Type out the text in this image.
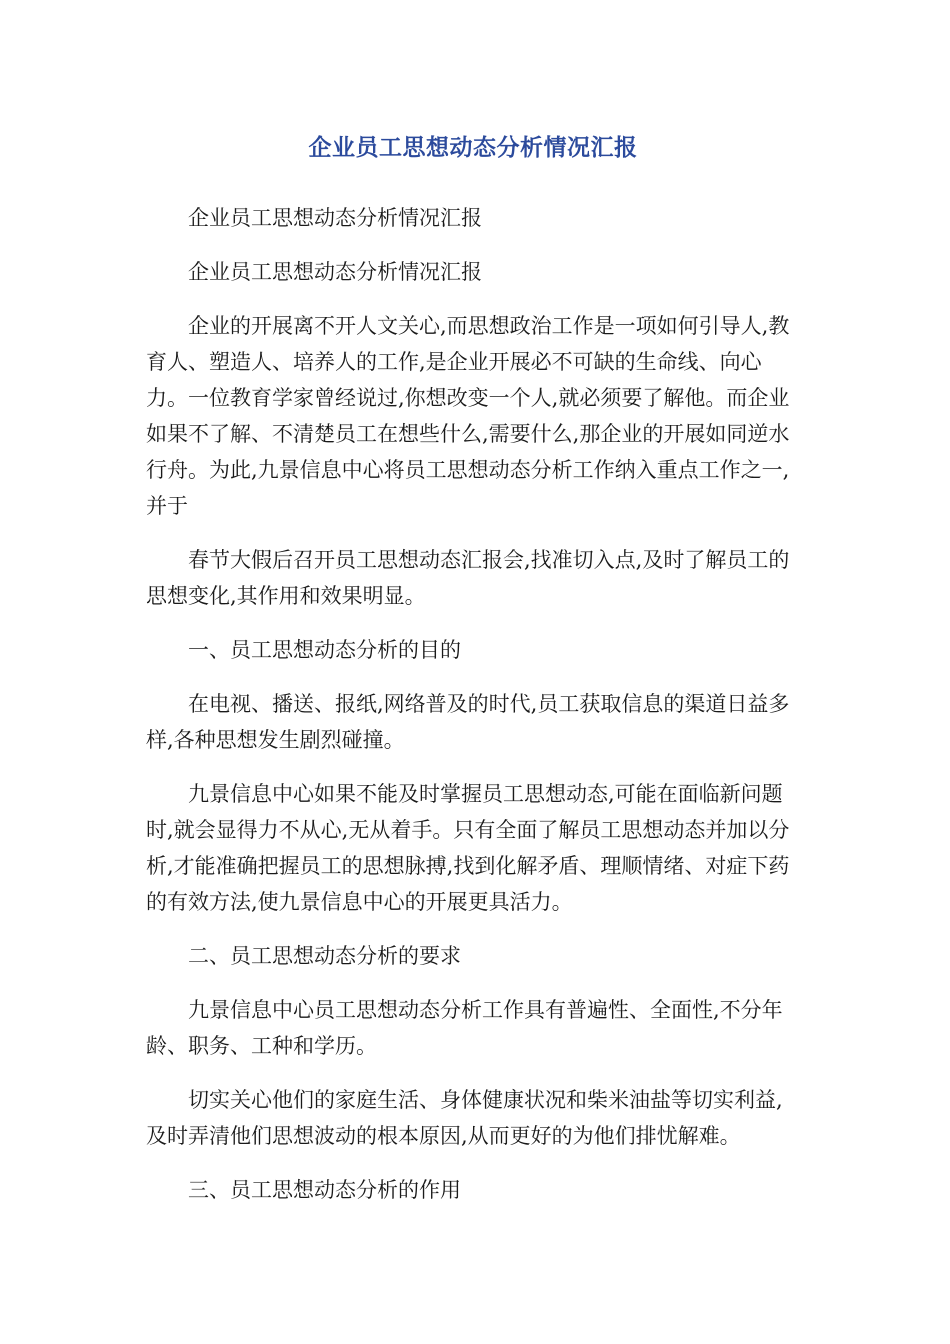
企业员工思想动态分析情况汇报

企业员工思想动态分析情况汇报

企业员工思想动态分析情况汇报

企业的开展离不开人文关心,而思想政治工作是一项如何引导人,教育人、塑造人、培养人的工作,是企业开展必不可缺的生命线、向心力。一位教育学家曾经说过,你想改变一个人,就必须要了解他。而企业如果不了解、不清楚员工在想些什么,需要什么,那企业的开展如同逆水行舟。为此,九景信息中心将员工思想动态分析工作纳入重点工作之一,并于

春节大假后召开员工思想动态汇报会,找准切入点,及时了解员工的思想变化,其作用和效果明显。

一、员工思想动态分析的目的

在电视、播送、报纸,网络普及的时代,员工获取信息的渠道日益多样,各种思想发生剧烈碰撞。

九景信息中心如果不能及时掌握员工思想动态,可能在面临新问题时,就会显得力不从心,无从着手。只有全面了解员工思想动态并加以分析,才能准确把握员工的思想脉搏,找到化解矛盾、理顺情绪、对症下药的有效方法,使九景信息中心的开展更具活力。

二、员工思想动态分析的要求

九景信息中心员工思想动态分析工作具有普遍性、全面性,不分年龄、职务、工种和学历。

切实关心他们的家庭生活、身体健康状况和柴米油盐等切实利益,及时弄清他们思想波动的根本原因,从而更好的为他们排忧解难。

三、员工思想动态分析的作用
